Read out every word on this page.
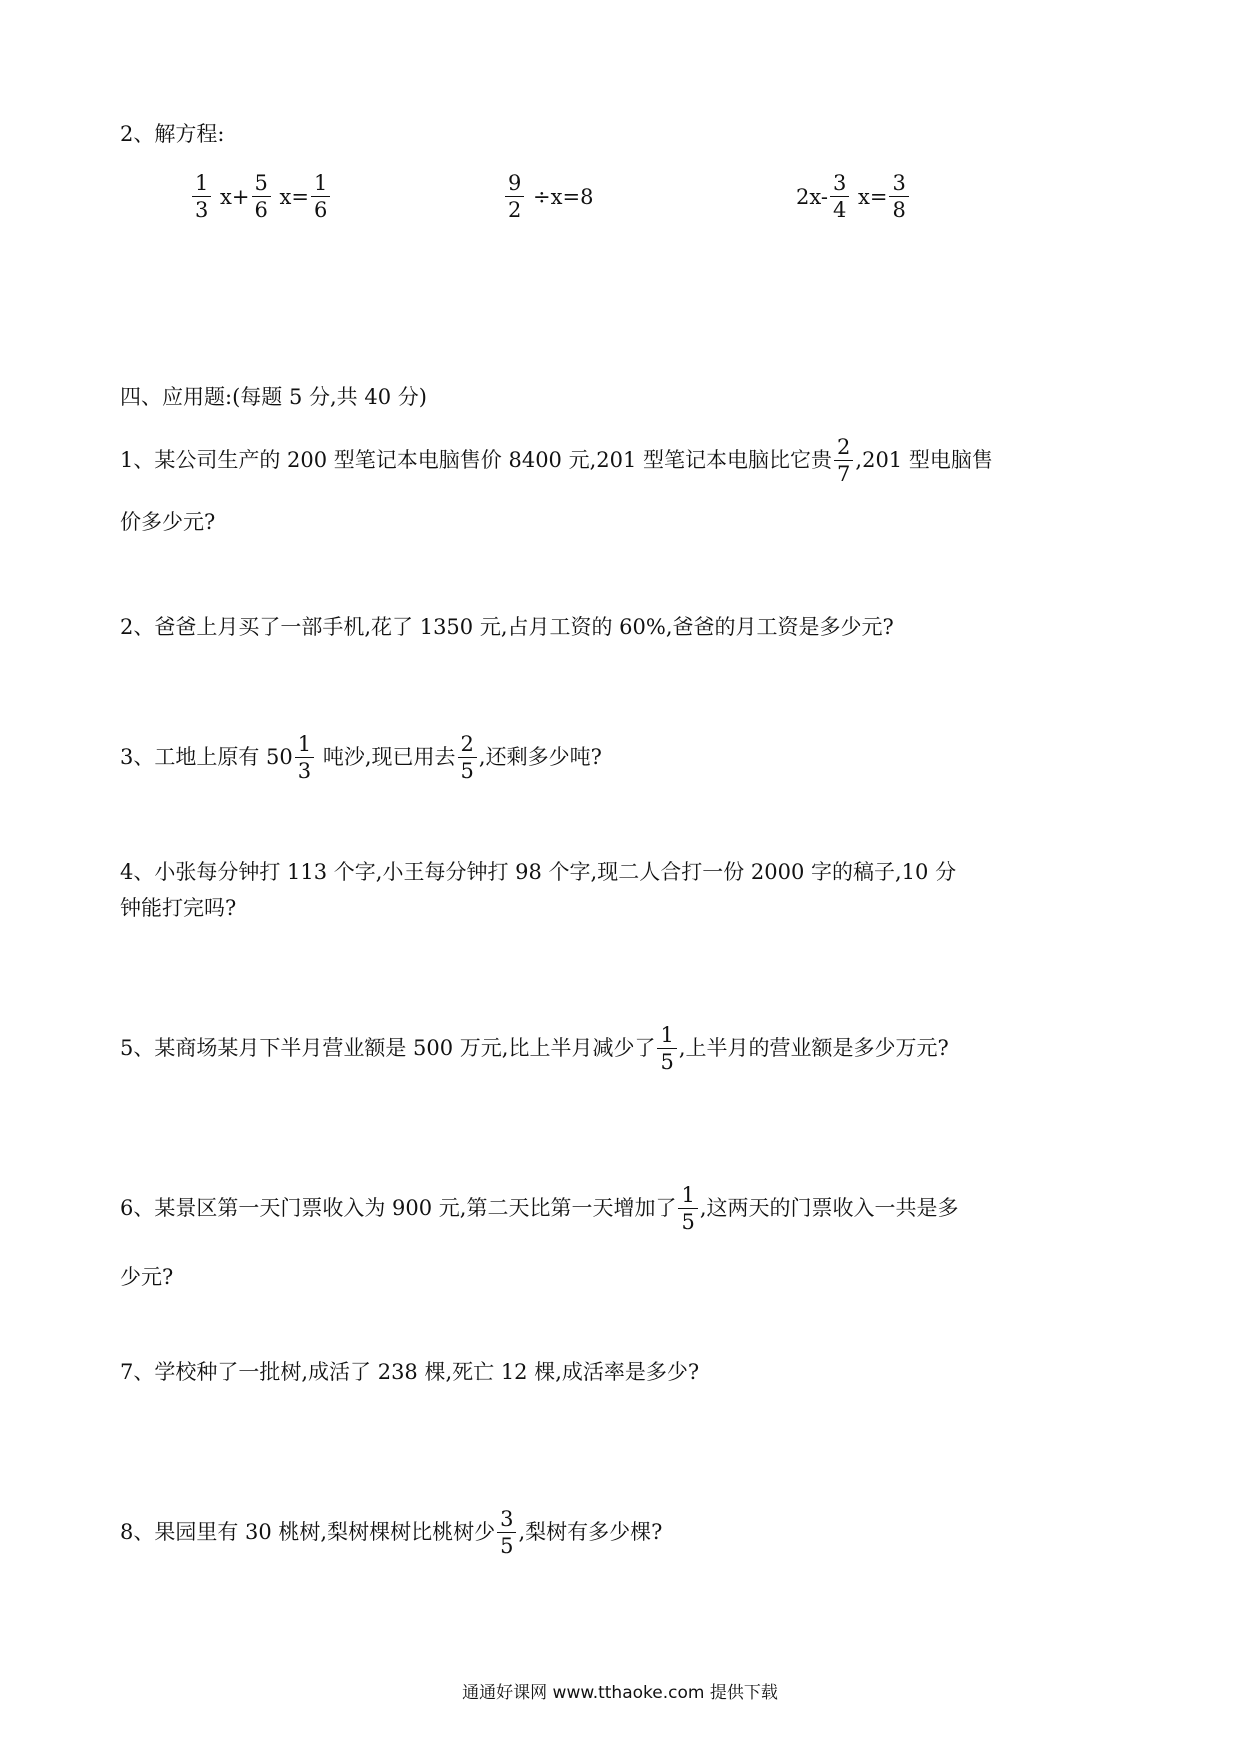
2、解方程:
$\frac{1}{3} x+ \frac{5}{6} x= \frac{1}{6}$	$\frac{9}{2} \div x=8$	$2x- \frac{3}{4} x= \frac{3}{8}$
四、应用题:(每题 5 分,共 40 分)
1、某公司生产的 200 型笔记本电脑售价 8400 元,201 型笔记本电脑比它贵 $\frac{2}{7} ,201$ 型电脑售
价多少元?
2、爸爸上月买了一部手机,花了 1350 元,占月工资的 60%,爸爸的月工资是多少元?
3、工地上原有 $50 \frac{1}{3}$ 吨沙,现已用去 $\frac{2}{5}$ ,还剩多少吨?
4、小张每分钟打 113 个字,小王每分钟打 98 个字,现二人合打一份 2000 字的稿子,10 分
钟能打完吗?
5、某商场某月下半月营业额是 500 万元,比上半月减少了 $\frac{1}{5}$ ,上半月的营业额是多少万元?
6、某景区第一天门票收入为 900 元,第二天比第一天增加了 $\frac{1}{5}$ ,这两天的门票收入一共是多
少元?
7、学校种了一批树,成活了 238 棵,死亡 12 棵,成活率是多少?
8、果园里有 30 桃树,梨树棵树比桃树少 $\frac{3}{5}$ ,梨树有多少棵?
通通好课网 www.tthaoke.com 提供下载
